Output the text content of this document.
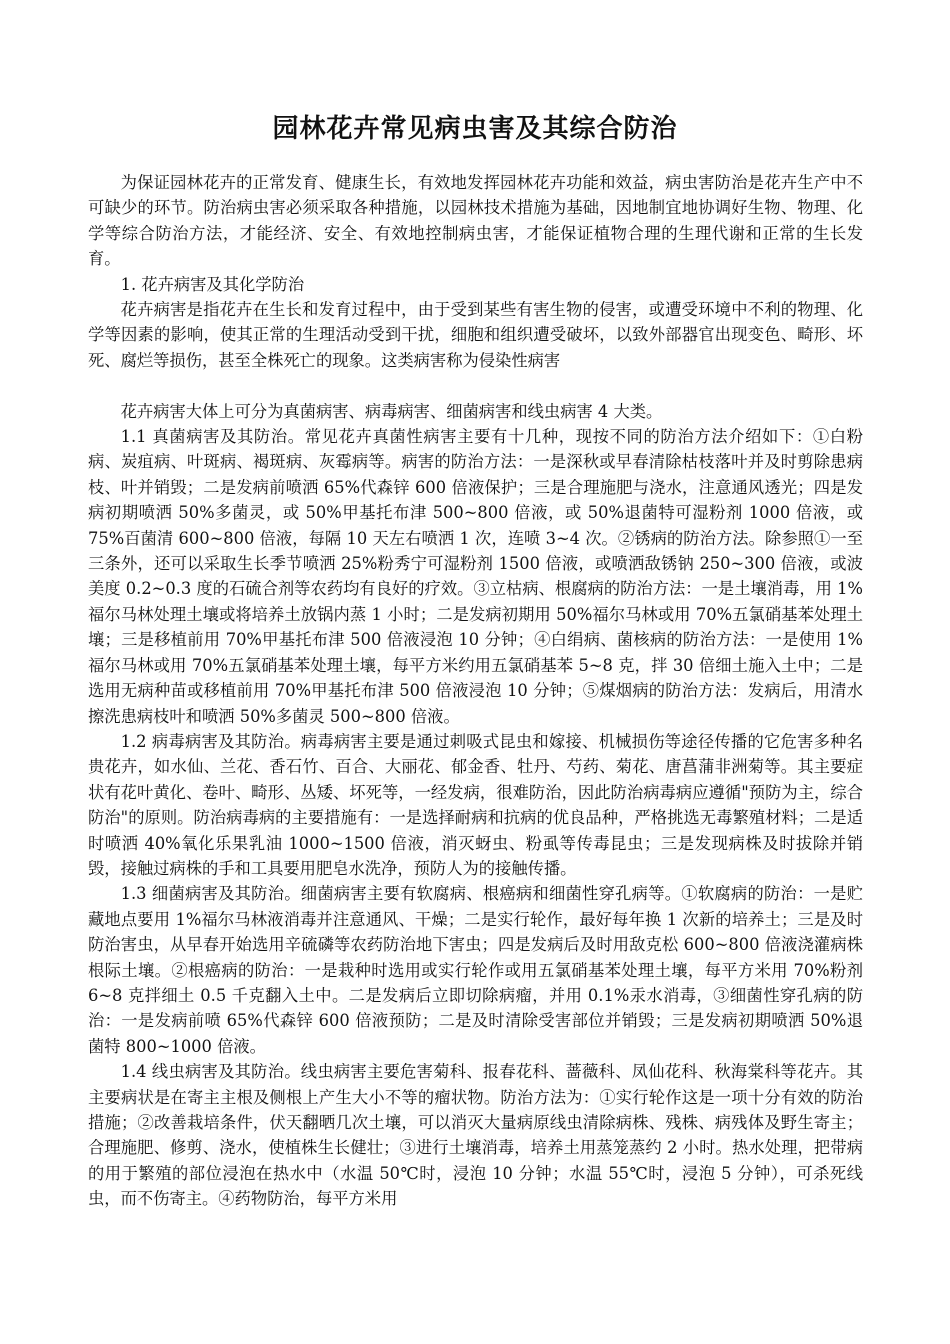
园林花卉常见病虫害及其综合防治

为保证园林花卉的正常发育、健康生长，有效地发挥园林花卉功能和效益，病虫害防治是花卉生产中不可缺少的环节。防治病虫害必须采取各种措施，以园林技术措施为基础，因地制宜地协调好生物、物理、化学等综合防治方法，才能经济、安全、有效地控制病虫害，才能保证植物合理的生理代谢和正常的生长发育。

1. 花卉病害及其化学防治

花卉病害是指花卉在生长和发育过程中，由于受到某些有害生物的侵害，或遭受环境中不利的物理、化学等因素的影响，使其正常的生理活动受到干扰，细胞和组织遭受破坏，以致外部器官出现变色、畸形、坏死、腐烂等损伤，甚至全株死亡的现象。这类病害称为侵染性病害

花卉病害大体上可分为真菌病害、病毒病害、细菌病害和线虫病害 4 大类。

1.1 真菌病害及其防治。常见花卉真菌性病害主要有十几种，现按不同的防治方法介绍如下：①白粉病、炭疽病、叶斑病、褐斑病、灰霉病等。病害的防治方法：一是深秋或早春清除枯枝落叶并及时剪除患病枝、叶并销毁；二是发病前喷洒 65%代森锌 600 倍液保护；三是合理施肥与浇水，注意通风透光；四是发病初期喷洒 50%多菌灵，或 50%甲基托布津 500~800 倍液，或 50%退菌特可湿粉剂 1000 倍液，或 75%百菌清 600~800 倍液，每隔 10 天左右喷洒 1 次，连喷 3~4 次。②锈病的防治方法。除参照①一至三条外，还可以采取生长季节喷洒 25%粉秀宁可湿粉剂 1500 倍液，或喷洒敌锈钠 250~300 倍液，或波美度 0.2~0.3 度的石硫合剂等农药均有良好的疗效。③立枯病、根腐病的防治方法：一是土壤消毒，用 1%福尔马林处理土壤或将培养土放锅内蒸 1 小时；二是发病初期用 50%福尔马林或用 70%五氯硝基苯处理土壤；三是移植前用 70%甲基托布津 500 倍液浸泡 10 分钟；④白绢病、菌核病的防治方法：一是使用 1%福尔马林或用 70%五氯硝基苯处理土壤，每平方米约用五氯硝基苯 5~8 克，拌 30 倍细土施入土中；二是选用无病种苗或移植前用 70%甲基托布津 500 倍液浸泡 10 分钟；⑤煤烟病的防治方法：发病后，用清水擦洗患病枝叶和喷洒 50%多菌灵 500~800 倍液。

1.2 病毒病害及其防治。病毒病害主要是通过刺吸式昆虫和嫁接、机械损伤等途径传播的它危害多种名贵花卉，如水仙、兰花、香石竹、百合、大丽花、郁金香、牡丹、芍药、菊花、唐菖蒲非洲菊等。其主要症状有花叶黄化、卷叶、畸形、丛矮、坏死等，一经发病，很难防治，因此防治病毒病应遵循"预防为主，综合防治"的原则。防治病毒病的主要措施有：一是选择耐病和抗病的优良品种，严格挑选无毒繁殖材料；二是适时喷洒 40%氧化乐果乳油 1000~1500 倍液，消灭蚜虫、粉虱等传毒昆虫；三是发现病株及时拔除并销毁，接触过病株的手和工具要用肥皂水洗净，预防人为的接触传播。

1.3 细菌病害及其防治。细菌病害主要有软腐病、根癌病和细菌性穿孔病等。①软腐病的防治：一是贮藏地点要用 1%福尔马林液消毒并注意通风、干燥；二是实行轮作，最好每年换 1 次新的培养土；三是及时防治害虫，从早春开始选用辛硫磷等农药防治地下害虫；四是发病后及时用敌克松 600~800 倍液浇灌病株根际土壤。②根癌病的防治：一是栽种时选用或实行轮作或用五氯硝基苯处理土壤，每平方米用 70%粉剂 6~8 克拌细土 0.5 千克翻入土中。二是发病后立即切除病瘤，并用 0.1%汞水消毒，③细菌性穿孔病的防治：一是发病前喷 65%代森锌 600 倍液预防；二是及时清除受害部位并销毁；三是发病初期喷洒 50%退菌特 800~1000 倍液。

1.4 线虫病害及其防治。线虫病害主要危害菊科、报春花科、蔷薇科、凤仙花科、秋海棠科等花卉。其主要病状是在寄主主根及侧根上产生大小不等的瘤状物。防治方法为：①实行轮作这是一项十分有效的防治措施；②改善栽培条件，伏天翻晒几次土壤，可以消灭大量病原线虫清除病株、残株、病残体及野生寄主；合理施肥、修剪、浇水，使植株生长健壮；③进行土壤消毒，培养土用蒸笼蒸约 2 小时。热水处理，把带病的用于繁殖的部位浸泡在热水中（水温 50℃时，浸泡 10 分钟；水温 55℃时，浸泡 5 分钟），可杀死线虫，而不伤寄主。④药物防治，每平方米用
